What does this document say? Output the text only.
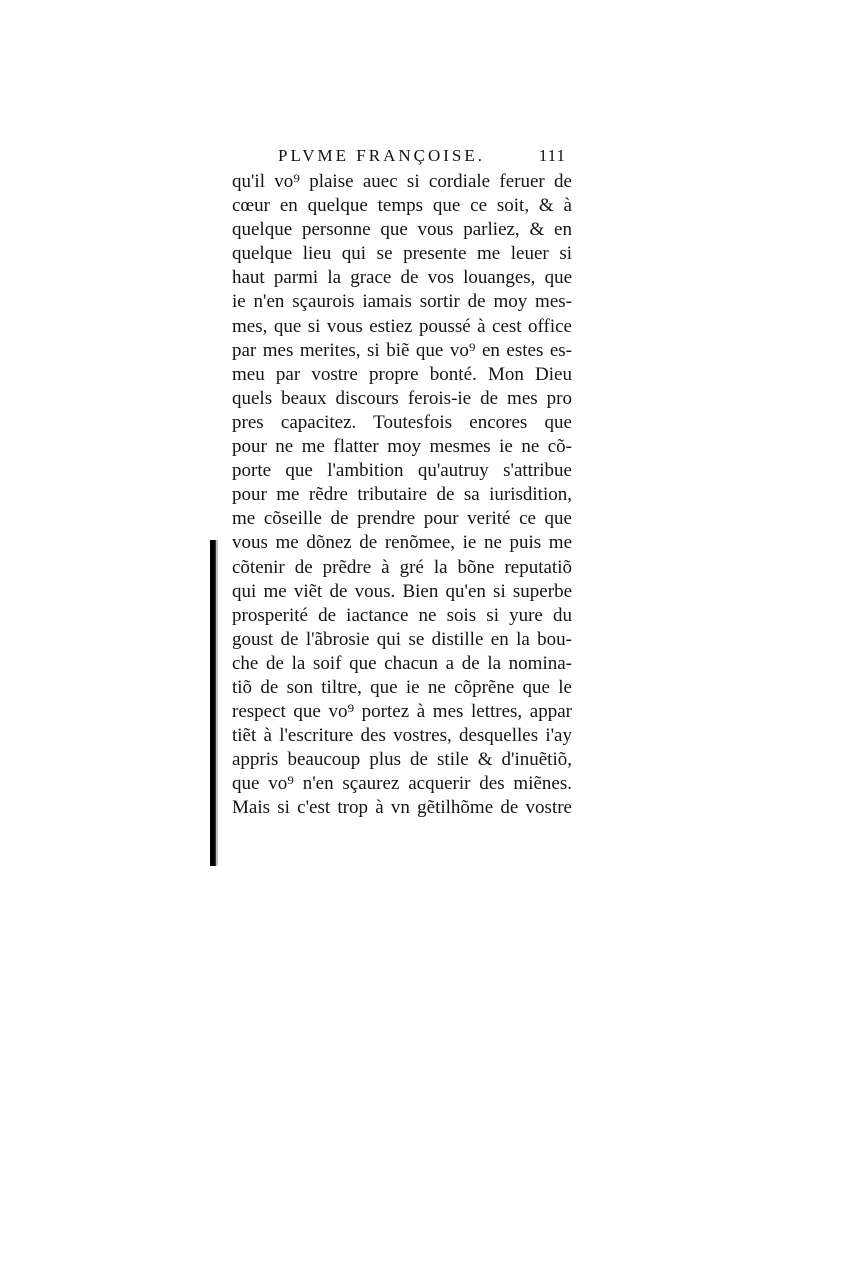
PLVME FRANÇOISE.	111
qu'il vo⁹ plaise auec si cordiale feruer de
cœur en quelque temps que ce soit, & à
quelque personne que vous parliez, & en
quelque lieu qui se presente me leuer si
haut parmi la grace de vos louanges, que
ie n'en sçaurois iamais sortir de moy mes-
mes, que si vous estiez poussé à cest office
par mes merites, si biẽ que vo⁹ en estes es-
meu par vostre propre bonté. Mon Dieu
quels beaux discours ferois-ie de mes pro
pres capacitez. Toutesfois encores que
pour ne me flatter moy mesmes ie ne cõ-
porte que l'ambition qu'autruy s'attribue
pour me rẽdre tributaire de sa iurisdition,
me cõseille de prendre pour verité ce que
vous me dõnez de renõmee, ie ne puis me
cõtenir de prẽdre à gré la bõne reputatiõ
qui me viẽt de vous. Bien qu'en si superbe
prosperité de iactance ne sois si yure du
goust de l'ãbrosie qui se distille en la bou-
che de la soif que chacun a de la nomina-
tiõ de son tiltre, que ie ne cõprẽne que le
respect que vo⁹ portez à mes lettres, appar
tiẽt à l'escriture des vostres, desquelles i'ay
appris beaucoup plus de stile & d'inuẽtiõ,
que vo⁹ n'en sçaurez acquerir des miẽnes.
Mais si c'est trop à vn gẽtilhõme de vostre
